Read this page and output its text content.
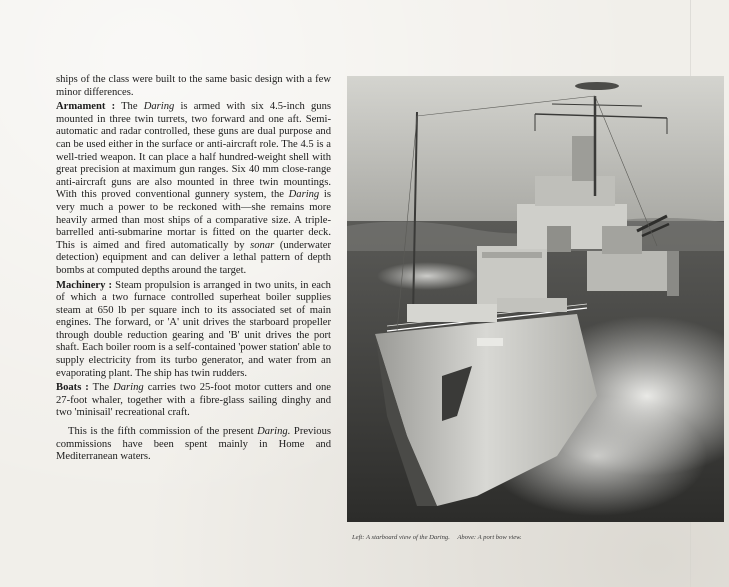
ships of the class were built to the same basic design with a few minor differences.

Armament : The Daring is armed with six 4.5-inch guns mounted in three twin turrets, two forward and one aft. Semi-automatic and radar controlled, these guns are dual purpose and can be used either in the surface or anti-aircraft role. The 4.5 is a well-tried weapon. It can place a half hundred-weight shell with great precision at maximum gun ranges. Six 40 mm close-range anti-aircraft guns are also mounted in three twin mountings. With this proved conventional gunnery system, the Daring is very much a power to be reckoned with—she remains more heavily armed than most ships of a comparative size. A triple-barrelled anti-submarine mortar is fitted on the quarter deck. This is aimed and fired automatically by sonar (underwater detection) equipment and can deliver a lethal pattern of depth bombs at computed depths around the target.

Machinery : Steam propulsion is arranged in two units, in each of which a two furnace controlled superheat boiler supplies steam at 650 lb per square inch to its associated set of main engines. The forward, or 'A' unit drives the starboard propeller through double reduction gearing and 'B' unit drives the port shaft. Each boiler room is a self-contained 'power station' able to supply electricity from its turbo generator, and water from an evaporating plant. The ship has twin rudders.

Boats : The Daring carries two 25-foot motor cutters and one 27-foot whaler, together with a fibre-glass sailing dinghy and two 'minisail' recreational craft.

This is the fifth commission of the present Daring. Previous commissions have been spent mainly in Home and Mediterranean waters.

Left: A starboard view of the Daring. Above: A port bow view.
